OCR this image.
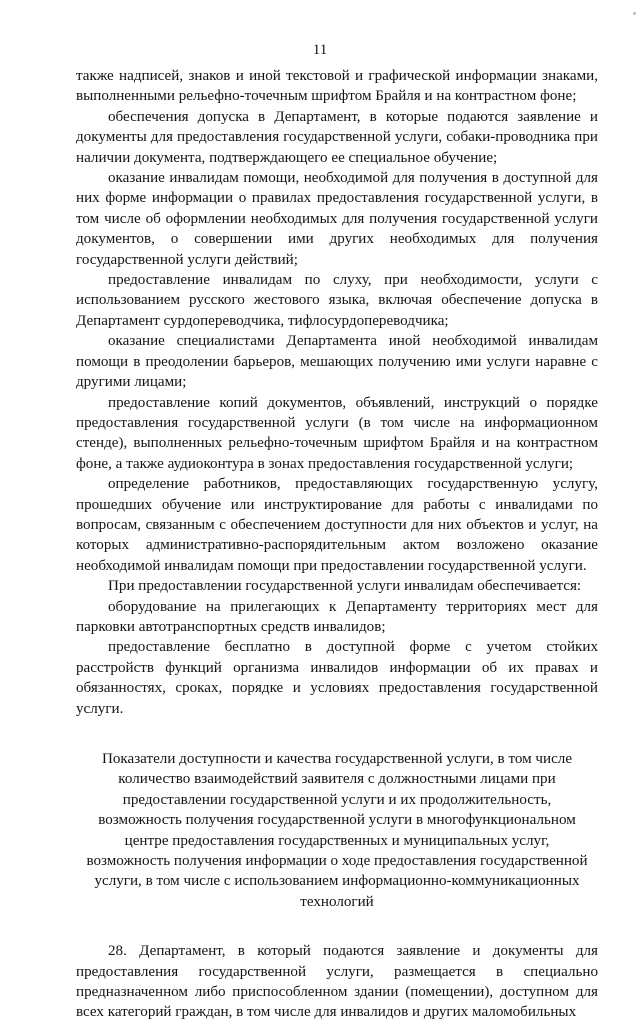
11

также надписей, знаков и иной текстовой и графической информации знаками, выполненными рельефно-точечным шрифтом Брайля и на контрастном фоне;

обеспечения допуска в Департамент, в которые подаются заявление и документы для предоставления государственной услуги, собаки-проводника при наличии документа, подтверждающего ее специальное обучение;

оказание инвалидам помощи, необходимой для получения в доступной для них форме информации о правилах предоставления государственной услуги, в том числе об оформлении необходимых для получения государственной услуги документов, о совершении ими других необходимых для получения государственной услуги действий;

предоставление инвалидам по слуху, при необходимости, услуги с использованием русского жестового языка, включая обеспечение допуска в Департамент сурдопереводчика, тифлосурдопереводчика;

оказание специалистами Департамента иной необходимой инвалидам помощи в преодолении барьеров, мешающих получению ими услуги наравне с другими лицами;

предоставление копий документов, объявлений, инструкций о порядке предоставления государственной услуги (в том числе на информационном стенде), выполненных рельефно-точечным шрифтом Брайля и на контрастном фоне, а также аудиоконтура в зонах предоставления государственной услуги;

определение работников, предоставляющих государственную услугу, прошедших обучение или инструктирование для работы с инвалидами по вопросам, связанным с обеспечением доступности для них объектов и услуг, на которых административно-распорядительным актом возложено оказание необходимой инвалидам помощи при предоставлении государственной услуги.

При предоставлении государственной услуги инвалидам обеспечивается:

оборудование на прилегающих к Департаменту территориях мест для парковки автотранспортных средств инвалидов;

предоставление бесплатно в доступной форме с учетом стойких расстройств функций организма инвалидов информации об их правах и обязанностях, сроках, порядке и условиях предоставления государственной услуги.

Показатели доступности и качества государственной услуги, в том числе количество взаимодействий заявителя с должностными лицами при предоставлении государственной услуги и их продолжительность, возможность получения государственной услуги в многофункциональном центре предоставления государственных и муниципальных услуг, возможность получения информации о ходе предоставления государственной услуги, в том числе с использованием информационно-коммуникационных технологий

28. Департамент, в который подаются заявление и документы для предоставления государственной услуги, размещается в специально предназначенном либо приспособленном здании (помещении), доступном для всех категорий граждан, в том числе для инвалидов и других маломобильных
